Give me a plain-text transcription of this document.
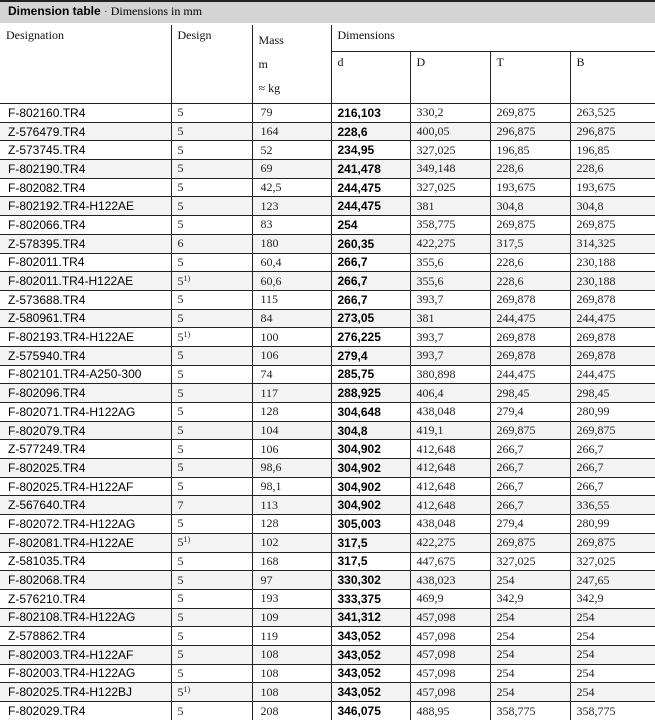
Dimension table · Dimensions in mm
Designation	Design	Mass
m
≈ kg	Dimensions			
			d	D	T	B
F-802160.TR4	5	79	216,103	330,2	269,875	263,525
Z-576479.TR4	5	164	228,6	400,05	296,875	296,875
Z-573745.TR4	5	52	234,95	327,025	196,85	196,85
F-802190.TR4	5	69	241,478	349,148	228,6	228,6
F-802082.TR4	5	42,5	244,475	327,025	193,675	193,675
F-802192.TR4-H122AE	5	123	244,475	381	304,8	304,8
F-802066.TR4	5	83	254	358,775	269,875	269,875
Z-578395.TR4	6	180	260,35	422,275	317,5	314,325
F-802011.TR4	5	60,4	266,7	355,6	228,6	230,188
F-802011.TR4-H122AE	5$^{1)}$	60,6	266,7	355,6	228,6	230,188
Z-573688.TR4	5	115	266,7	393,7	269,878	269,878
Z-580961.TR4	5	84	273,05	381	244,475	244,475
F-802193.TR4-H122AE	5$^{1)}$	100	276,225	393,7	269,878	269,878
Z-575940.TR4	5	106	279,4	393,7	269,878	269,878
F-802101.TR4-A250-300	5	74	285,75	380,898	244,475	244,475
F-802096.TR4	5	117	288,925	406,4	298,45	298,45
F-802071.TR4-H122AG	5	128	304,648	438,048	279,4	280,99
F-802079.TR4	5	104	304,8	419,1	269,875	269,875
Z-577249.TR4	5	106	304,902	412,648	266,7	266,7
F-802025.TR4	5	98,6	304,902	412,648	266,7	266,7
F-802025.TR4-H122AF	5	98,1	304,902	412,648	266,7	266,7
Z-567640.TR4	7	113	304,902	412,648	266,7	336,55
F-802072.TR4-H122AG	5	128	305,003	438,048	279,4	280,99
F-802081.TR4-H122AE	5$^{1)}$	102	317,5	422,275	269,875	269,875
Z-581035.TR4	5	168	317,5	447,675	327,025	327,025
F-802068.TR4	5	97	330,302	438,023	254	247,65
Z-576210.TR4	5	193	333,375	469,9	342,9	342,9
F-802108.TR4-H122AG	5	109	341,312	457,098	254	254
Z-578862.TR4	5	119	343,052	457,098	254	254
F-802003.TR4-H122AF	5	108	343,052	457,098	254	254
F-802003.TR4-H122AG	5	108	343,052	457,098	254	254
F-802025.TR4-H122BJ	5$^{1)}$	108	343,052	457,098	254	254
F-802029.TR4	5	208	346,075	488,95	358,775	358,775
